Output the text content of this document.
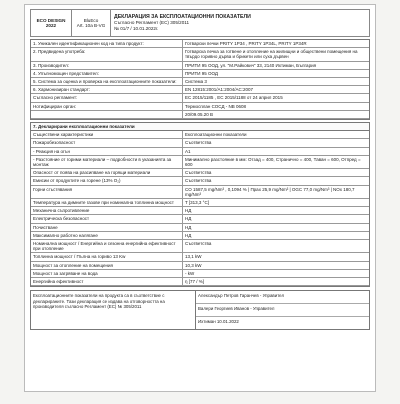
ECO DESIGN
2022
BluEco
Art. 10a В-VG
ДЕКЛАРАЦИЯ ЗА ЕКСПЛОАТАЦИОННИ ПОКАЗАТЕЛИ
Съгласно Регламент (ЕС) 305/2011
№ 01/7 / 10.01.2022г.
1. Уникален идентификационен код на типа продукт:	Готварски печки PRITY 1P34 , PRITY 1P34L, PRITY 1P34R
2. Предвидена употреба:	Готварска печка за готвене и отопление на жилищни и обществени помещения на твърдо горивно дърва и брикети или суха дървен
3. Производител:	ПРИТИ 95 ООД, ул. "М.Райкович" 33, 2140 Ихтиман, България
4. Упълномощен представител:	ПРИТИ 95 ООД
5. Система за оценка и проверка на експлоатационните показатели:	Система 3
6. Хармонизиран стандарт:	EN 12815:2001/A1:2004/AC:2007
Съгласно регламент:	ЕС 2015/1185 , ЕС 2015/1188 от 24 април 2015
Нотифициран орган:	Термосплан СОСД - NB 0608
20/09.05.20 В
7. Декларирани експлоатационни показатели
Съществени характеристики	Експлоатационни показатели
Пожаробезопасност	Съответства
- Реакция на огън	А1
- Разстояние от горими материали – подробности в указанията за монтаж
Минимално разстояние в мм: Отзад = 400, Странично = 400, Таван = 600, Отпред = 600
Опасност от поява на разсипване на горящи материали	Съответства
Емисии от продуктите на горене (13% O₂)	Съответства
Горни сгъстявания	CO 1587,5 mg/Nm³ , 0,1094 % | Прах 25,9 mg/Nm³ | OGC 77,0 mg/Nm³ | NOx 180,7 mg/Nm³
Температура на димните газове при номинална топлинна мощност	T [313,3 °C]
Механична съпротивление	НД
Електрическа безопасност	НД
Почистване	НД
Максимално работно налягане	НД
Номинална мощност / Енергийна и сезонна енергийна ефективност при отопление
Съответства
Топлинна мощност / Пълна на гориво 13 Kw	13,1 kW
Мощност за отопление на помещения	10,3 kW
Мощност за загряване на вода	- kW
Енергийна ефективност	η [77 / %]
Експлоатационните показатели на продукта са в съответствие с декларираните. Тази декларация се издава на отговорността на производителя съгласно Регламент (ЕС) № 305/2011
Александър Петров Гаранчев - Управител
Валери Георгиев Иванов - Управител
Ихтиман 10.01.2022
